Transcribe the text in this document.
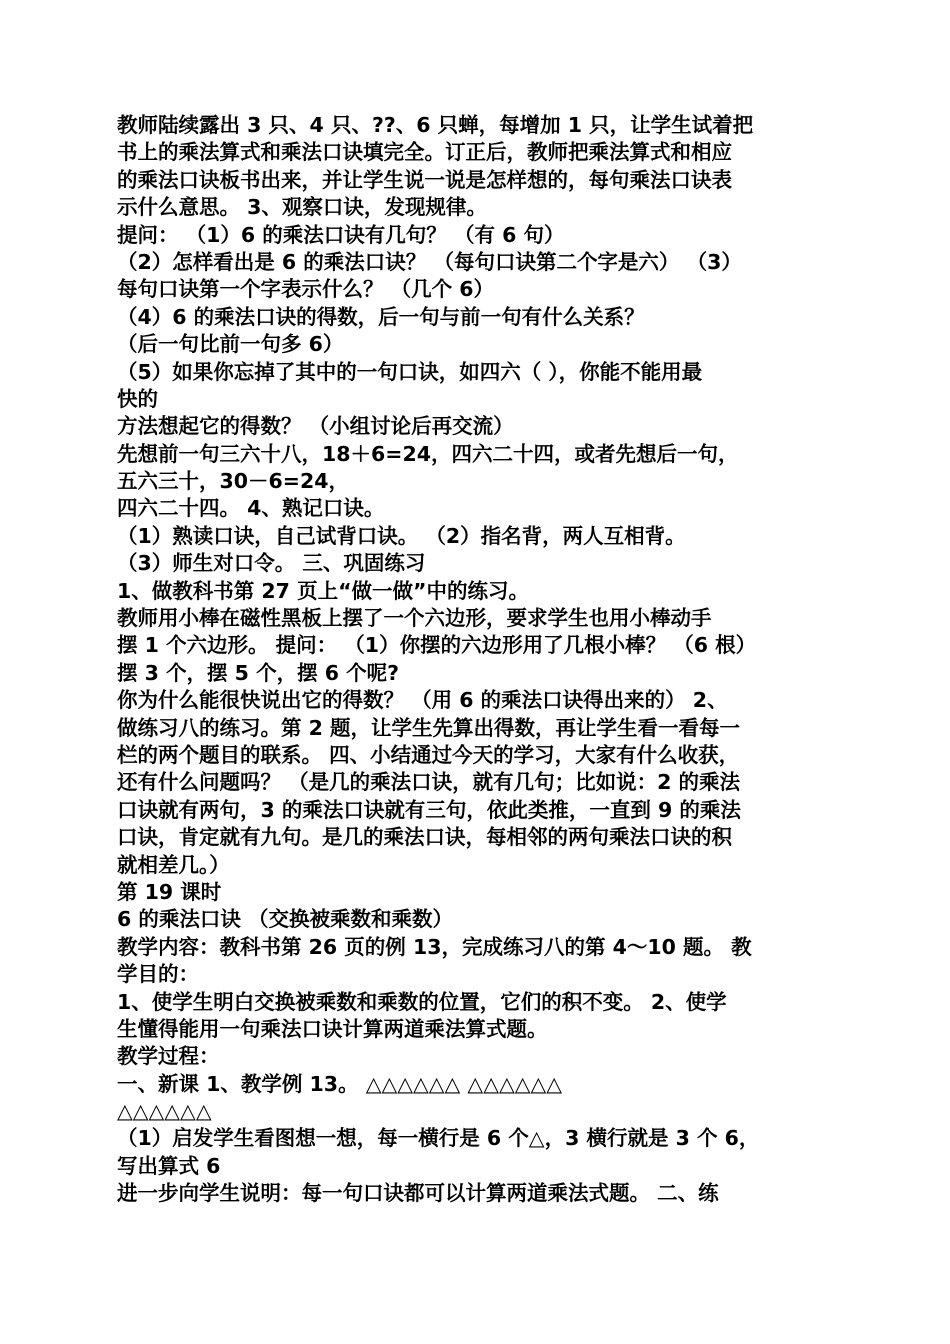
教师陆续露出 3 只、4 只、??、6 只蝉，每增加 1 只，让学生试着把
书上的乘法算式和乘法口诀填完全。订正后，教师把乘法算式和相应
的乘法口诀板书出来，并让学生说一说是怎样想的，每句乘法口诀表
示什么意思。 3、观察口诀，发现规律。
提问： （1）6 的乘法口诀有几句？ （有 6 句）
（2）怎样看出是 6 的乘法口诀？ （每句口诀第二个字是六） （3）
每句口诀第一个字表示什么？ （几个 6）
（4）6 的乘法口诀的得数，后一句与前一句有什么关系？
（后一句比前一句多 6）
（5）如果你忘掉了其中的一句口诀，如四六（ ），你能不能用最
快的
方法想起它的得数？ （小组讨论后再交流）
先想前一句三六十八，18＋6=24，四六二十四，或者先想后一句，
五六三十，30－6=24，
四六二十四。 4、熟记口诀。
（1）熟读口诀，自己试背口诀。 （2）指名背，两人互相背。
（3）师生对口令。 三、巩固练习
1、做教科书第 27 页上“做一做”中的练习。
教师用小棒在磁性黑板上摆了一个六边形，要求学生也用小棒动手
摆 1 个六边形。 提问： （1）你摆的六边形用了几根小棒？ （6 根）
摆 3 个，摆 5 个，摆 6 个呢?
你为什么能很快说出它的得数？ （用 6 的乘法口诀得出来的） 2、
做练习八的练习。第 2 题，让学生先算出得数，再让学生看一看每一
栏的两个题目的联系。 四、小结通过今天的学习，大家有什么收获，
还有什么问题吗？ （是几的乘法口诀，就有几句；比如说：2 的乘法
口诀就有两句，3 的乘法口诀就有三句，依此类推，一直到 9 的乘法
口诀，肯定就有九句。是几的乘法口诀，每相邻的两句乘法口诀的积
就相差几。）
第 19 课时
6 的乘法口诀 （交换被乘数和乘数）
教学内容：教科书第 26 页的例 13，完成练习八的第 4～10 题。 教
学目的：
1、使学生明白交换被乘数和乘数的位置，它们的积不变。 2、使学
生懂得能用一句乘法口诀计算两道乘法算式题。
教学过程：
一、新课 1、教学例 13。 △△△△△△ △△△△△△
△△△△△△
（1）启发学生看图想一想，每一横行是 6 个△，3 横行就是 3 个 6，
写出算式 6
进一步向学生说明：每一句口诀都可以计算两道乘法式题。 二、练
